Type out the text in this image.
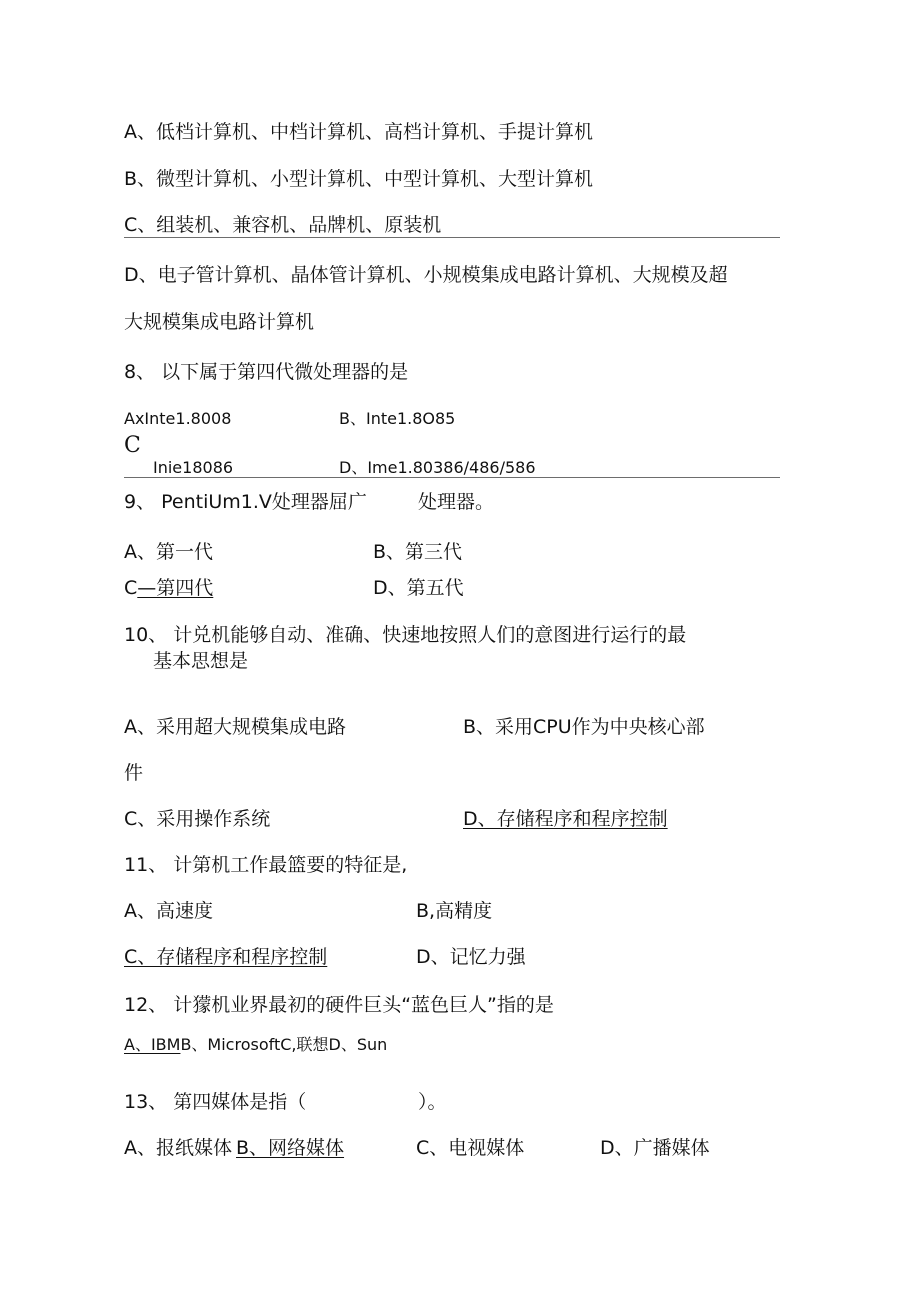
A、低档计算机、中档计算机、高档计算机、手提计算机
B、微型计算机、小型计算机、中型计算机、大型计算机
C、组装机、兼容机、品牌机、原装机
D、电子管计算机、晶体管计算机、小规模集成电路计算机、大规模及超
大规模集成电路计算机
8、 以下属于第四代微处理器的是
AxInte1.8008	B、Inte1.8O85
C
Inie18086	D、Ime1.80386/486/586
9、 PentiUm1.V处理器屈广	处理器。
A、第一代	B、第三代
C—第四代	D、第五代
10、 计兑机能够自动、准确、快速地按照人们的意图进行运行的最
基本思想是
A、采用超大规模集成电路	B、采用CPU作为中央核心部
件
C、采用操作系统	D、存储程序和程序控制
11、 计第机工作最篮要的特征是,
A、高速度	B,高精度
C、存储程序和程序控制	D、记忆力强
12、 计獴机业界最初的硬件巨头“蓝色巨人”指的是
A、IBMB、MicrosoftC,联想D、Sun
13、 第四媒体是指（	）。
A、报纸媒体 B、网络媒体	C、电视媒体	D、广播媒体
